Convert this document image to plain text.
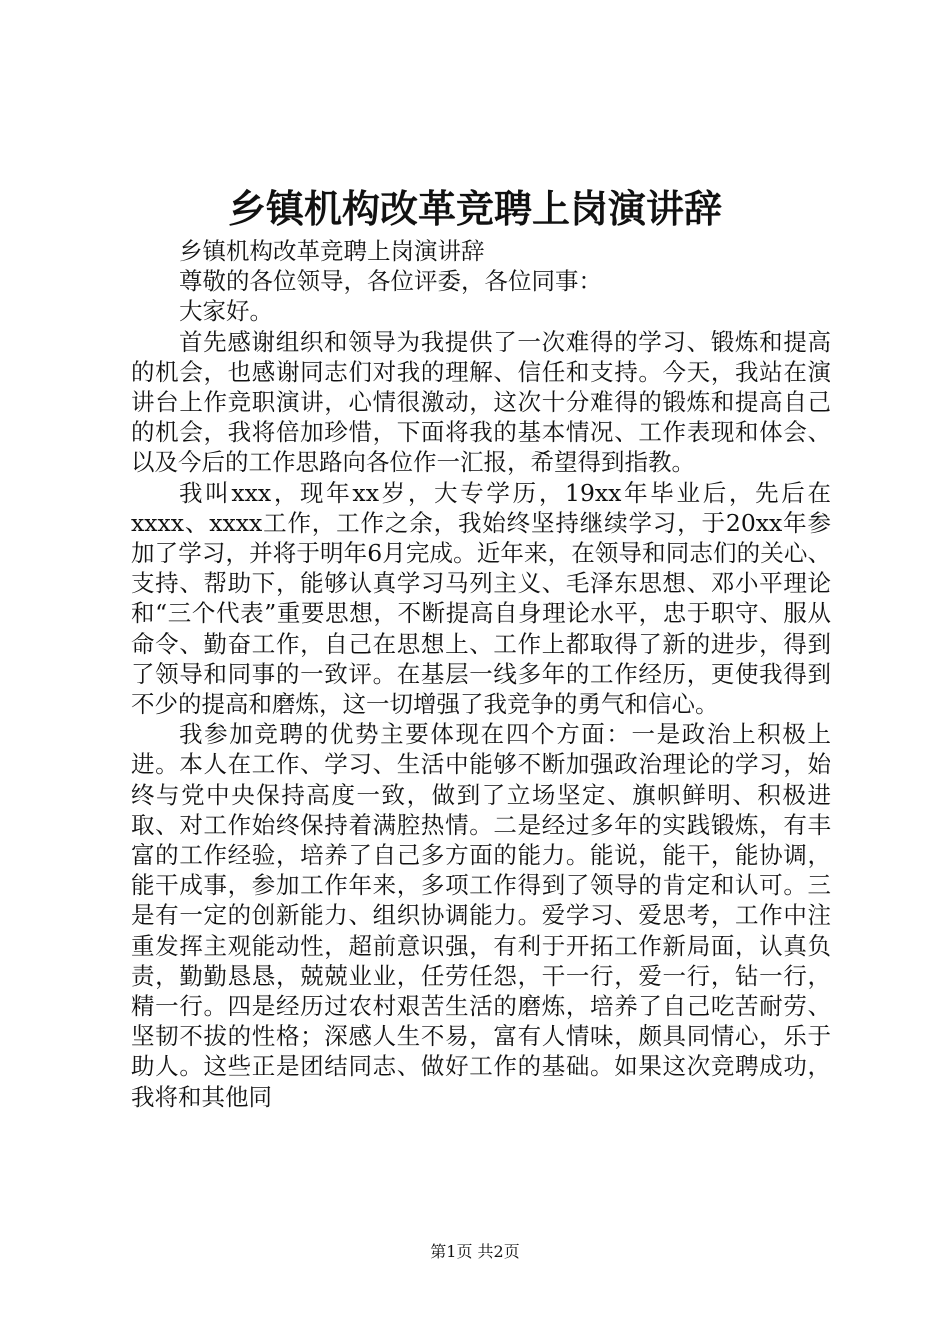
乡镇机构改革竞聘上岗演讲辞

乡镇机构改革竞聘上岗演讲辞

尊敬的各位领导，各位评委，各位同事：

大家好。

首先感谢组织和领导为我提供了一次难得的学习、锻炼和提高的机会，也感谢同志们对我的理解、信任和支持。今天，我站在演讲台上作竞职演讲，心情很激动，这次十分难得的锻炼和提高自己的机会，我将倍加珍惜，下面将我的基本情况、工作表现和体会、以及今后的工作思路向各位作一汇报，希望得到指教。

我叫xxx，现年xx岁，大专学历，19xx年毕业后，先后在xxxx、xxxx工作，工作之余，我始终坚持继续学习，于20xx年参加了学习，并将于明年6月完成。近年来，在领导和同志们的关心、支持、帮助下，能够认真学习马列主义、毛泽东思想、邓小平理论和“三个代表”重要思想，不断提高自身理论水平，忠于职守、服从命令、勤奋工作，自己在思想上、工作上都取得了新的进步，得到了领导和同事的一致评。在基层一线多年的工作经历，更使我得到不少的提高和磨炼，这一切增强了我竞争的勇气和信心。

我参加竞聘的优势主要体现在四个方面：一是政治上积极上进。本人在工作、学习、生活中能够不断加强政治理论的学习，始终与党中央保持高度一致，做到了立场坚定、旗帜鲜明、积极进取、对工作始终保持着满腔热情。二是经过多年的实践锻炼，有丰富的工作经验，培养了自己多方面的能力。能说，能干，能协调，能干成事，参加工作年来，多项工作得到了领导的肯定和认可。三是有一定的创新能力、组织协调能力。爱学习、爱思考，工作中注重发挥主观能动性，超前意识强，有利于开拓工作新局面，认真负责，勤勤恳恳，兢兢业业，任劳任怨，干一行，爱一行，钻一行，精一行。四是经历过农村艰苦生活的磨炼，培养了自己吃苦耐劳、坚韧不拔的性格；深感人生不易，富有人情味，颇具同情心，乐于助人。这些正是团结同志、做好工作的基础。如果这次竞聘成功，我将和其他同

第1页 共2页
